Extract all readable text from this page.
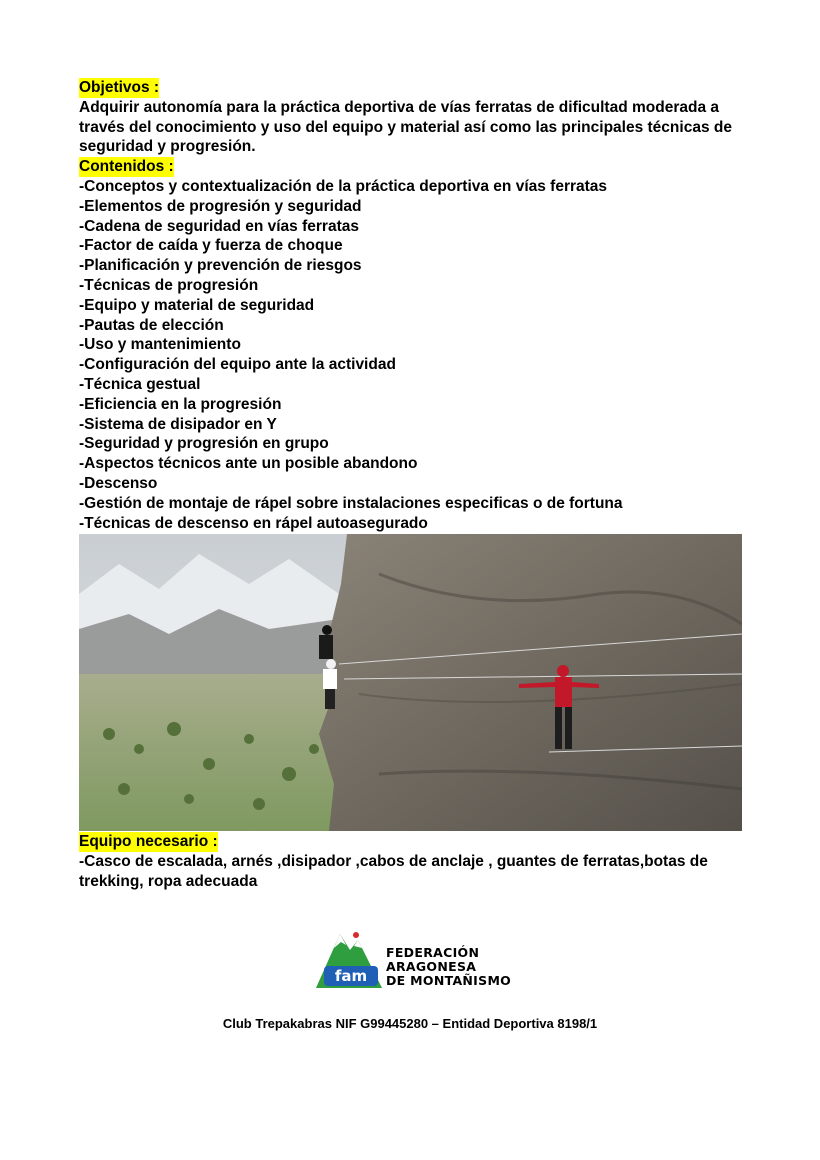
Objetivos :
Adquirir autonomía para la práctica deportiva de vías ferratas de dificultad moderada a través del conocimiento y uso del equipo y material así como las principales técnicas de seguridad y progresión.
Contenidos :
-Conceptos y contextualización de la práctica deportiva en vías ferratas
-Elementos de progresión y seguridad
-Cadena de seguridad en vías ferratas
-Factor de caída y fuerza de choque
-Planificación y prevención de riesgos
-Técnicas de progresión
-Equipo y material de seguridad
-Pautas de elección
-Uso y mantenimiento
-Configuración del equipo ante la actividad
-Técnica gestual
-Eficiencia en la progresión
-Sistema de disipador en Y
-Seguridad y progresión en grupo
-Aspectos técnicos ante un posible abandono
-Descenso
-Gestión de montaje de rápel sobre instalaciones especificas o de fortuna
-Técnicas de descenso en rápel autoasegurado
Equipo necesario :
-Casco de escalada, arnés ,disipador ,cabos de anclaje , guantes de ferratas,botas de trekking, ropa adecuada
fam
FEDERACIÓN
ARAGONESA
DE MONTAÑISMO
Club Trepakabras NIF G99445280 – Entidad Deportiva 8198/1
